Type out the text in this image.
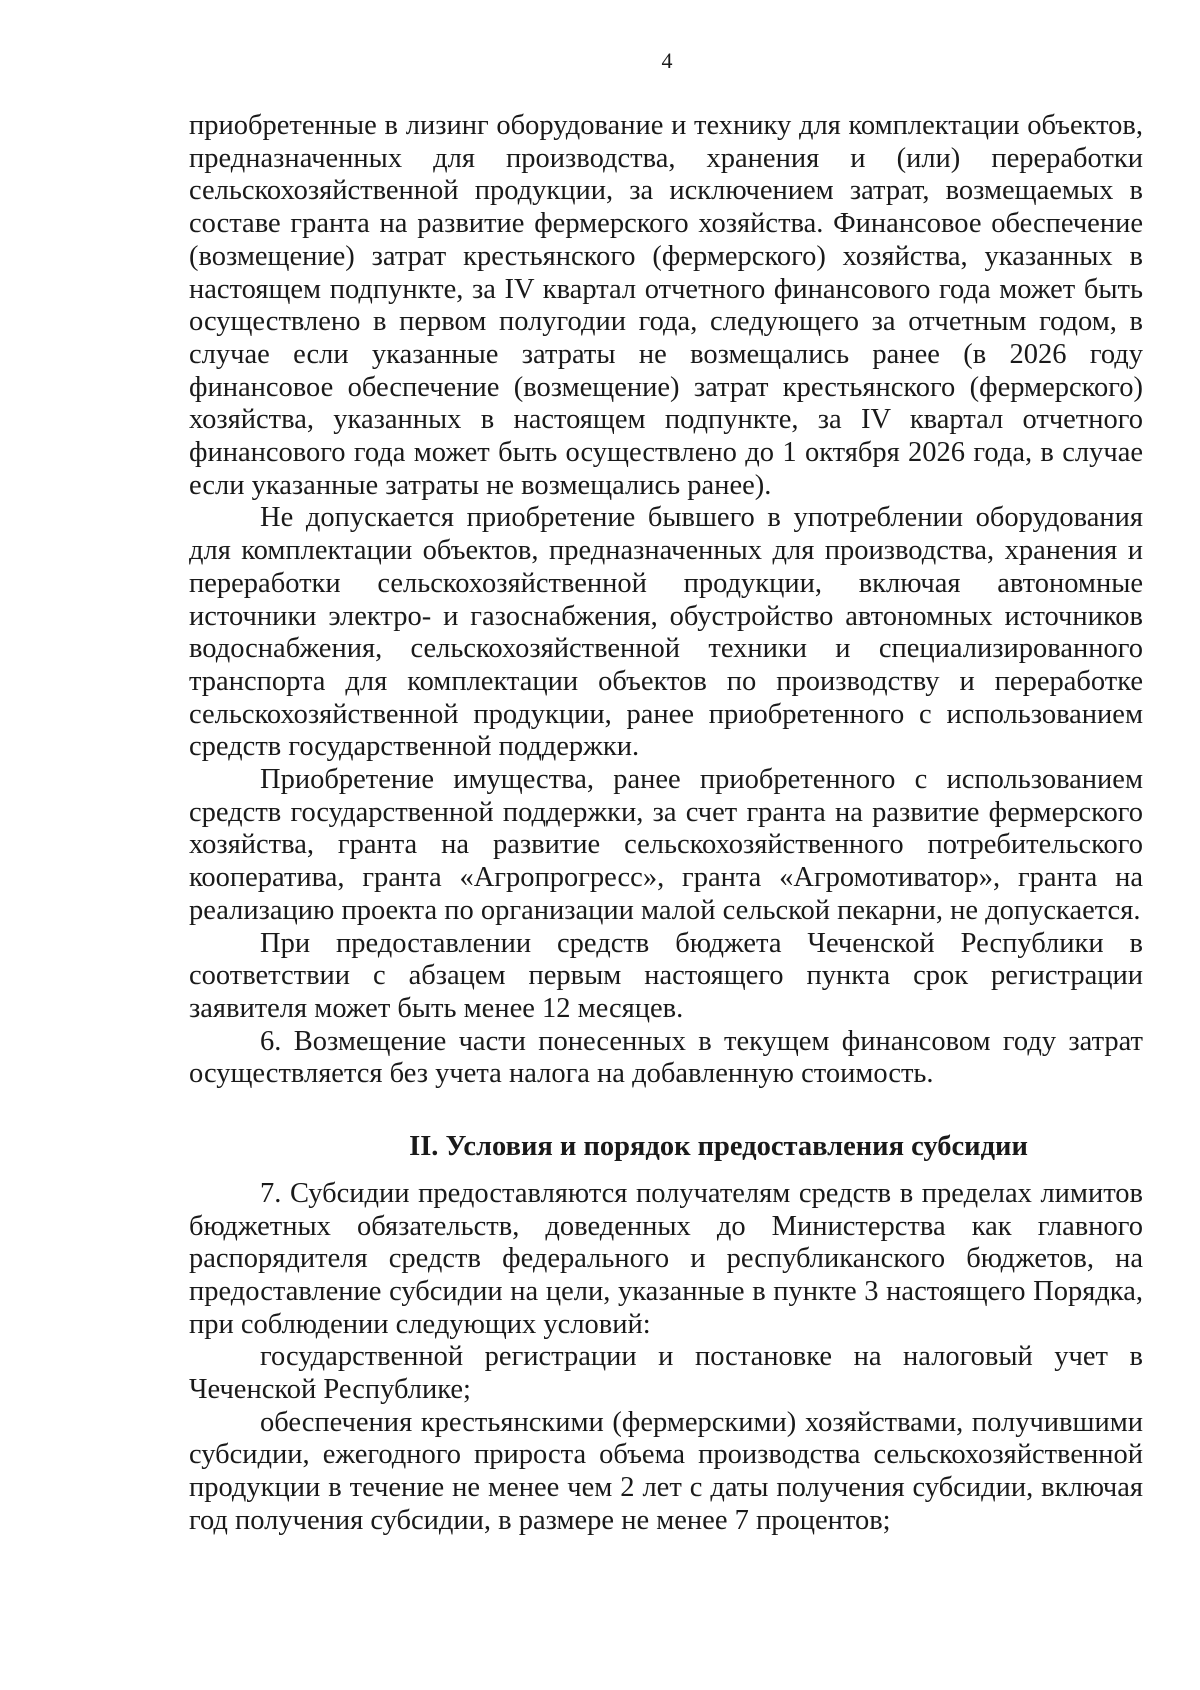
4

приобретенные в лизинг оборудование и технику для комплектации объектов, предназначенных для производства, хранения и (или) переработки сельскохозяйственной продукции, за исключением затрат, возмещаемых в составе гранта на развитие фермерского хозяйства. Финансовое обеспечение (возмещение) затрат крестьянского (фермерского) хозяйства, указанных в настоящем подпункте, за IV квартал отчетного финансового года может быть осуществлено в первом полугодии года, следующего за отчетным годом, в случае если указанные затраты не возмещались ранее (в 2026 году финансовое обеспечение (возмещение) затрат крестьянского (фермерского) хозяйства, указанных в настоящем подпункте, за IV квартал отчетного финансового года может быть осуществлено до 1 октября 2026 года, в случае если указанные затраты не возмещались ранее).

Не допускается приобретение бывшего в употреблении оборудования для комплектации объектов, предназначенных для производства, хранения и переработки сельскохозяйственной продукции, включая автономные источники электро- и газоснабжения, обустройство автономных источников водоснабжения, сельскохозяйственной техники и специализированного транспорта для комплектации объектов по производству и переработке сельскохозяйственной продукции, ранее приобретенного с использованием средств государственной поддержки.

Приобретение имущества, ранее приобретенного с использованием средств государственной поддержки, за счет гранта на развитие фермерского хозяйства, гранта на развитие сельскохозяйственного потребительского кооператива, гранта «Агропрогресс», гранта «Агромотиватор», гранта на реализацию проекта по организации малой сельской пекарни, не допускается.

При предоставлении средств бюджета Чеченской Республики в соответствии с абзацем первым настоящего пункта срок регистрации заявителя может быть менее 12 месяцев.

6. Возмещение части понесенных в текущем финансовом году затрат осуществляется без учета налога на добавленную стоимость.

II. Условия и порядок предоставления субсидии

7. Субсидии предоставляются получателям средств в пределах лимитов бюджетных обязательств, доведенных до Министерства как главного распорядителя средств федерального и республиканского бюджетов, на предоставление субсидии на цели, указанные в пункте 3 настоящего Порядка, при соблюдении следующих условий:

государственной регистрации и постановке на налоговый учет в Чеченской Республике;

обеспечения крестьянскими (фермерскими) хозяйствами, получившими субсидии, ежегодного прироста объема производства сельскохозяйственной продукции в течение не менее чем 2 лет с даты получения субсидии, включая год получения субсидии, в размере не менее 7 процентов;
